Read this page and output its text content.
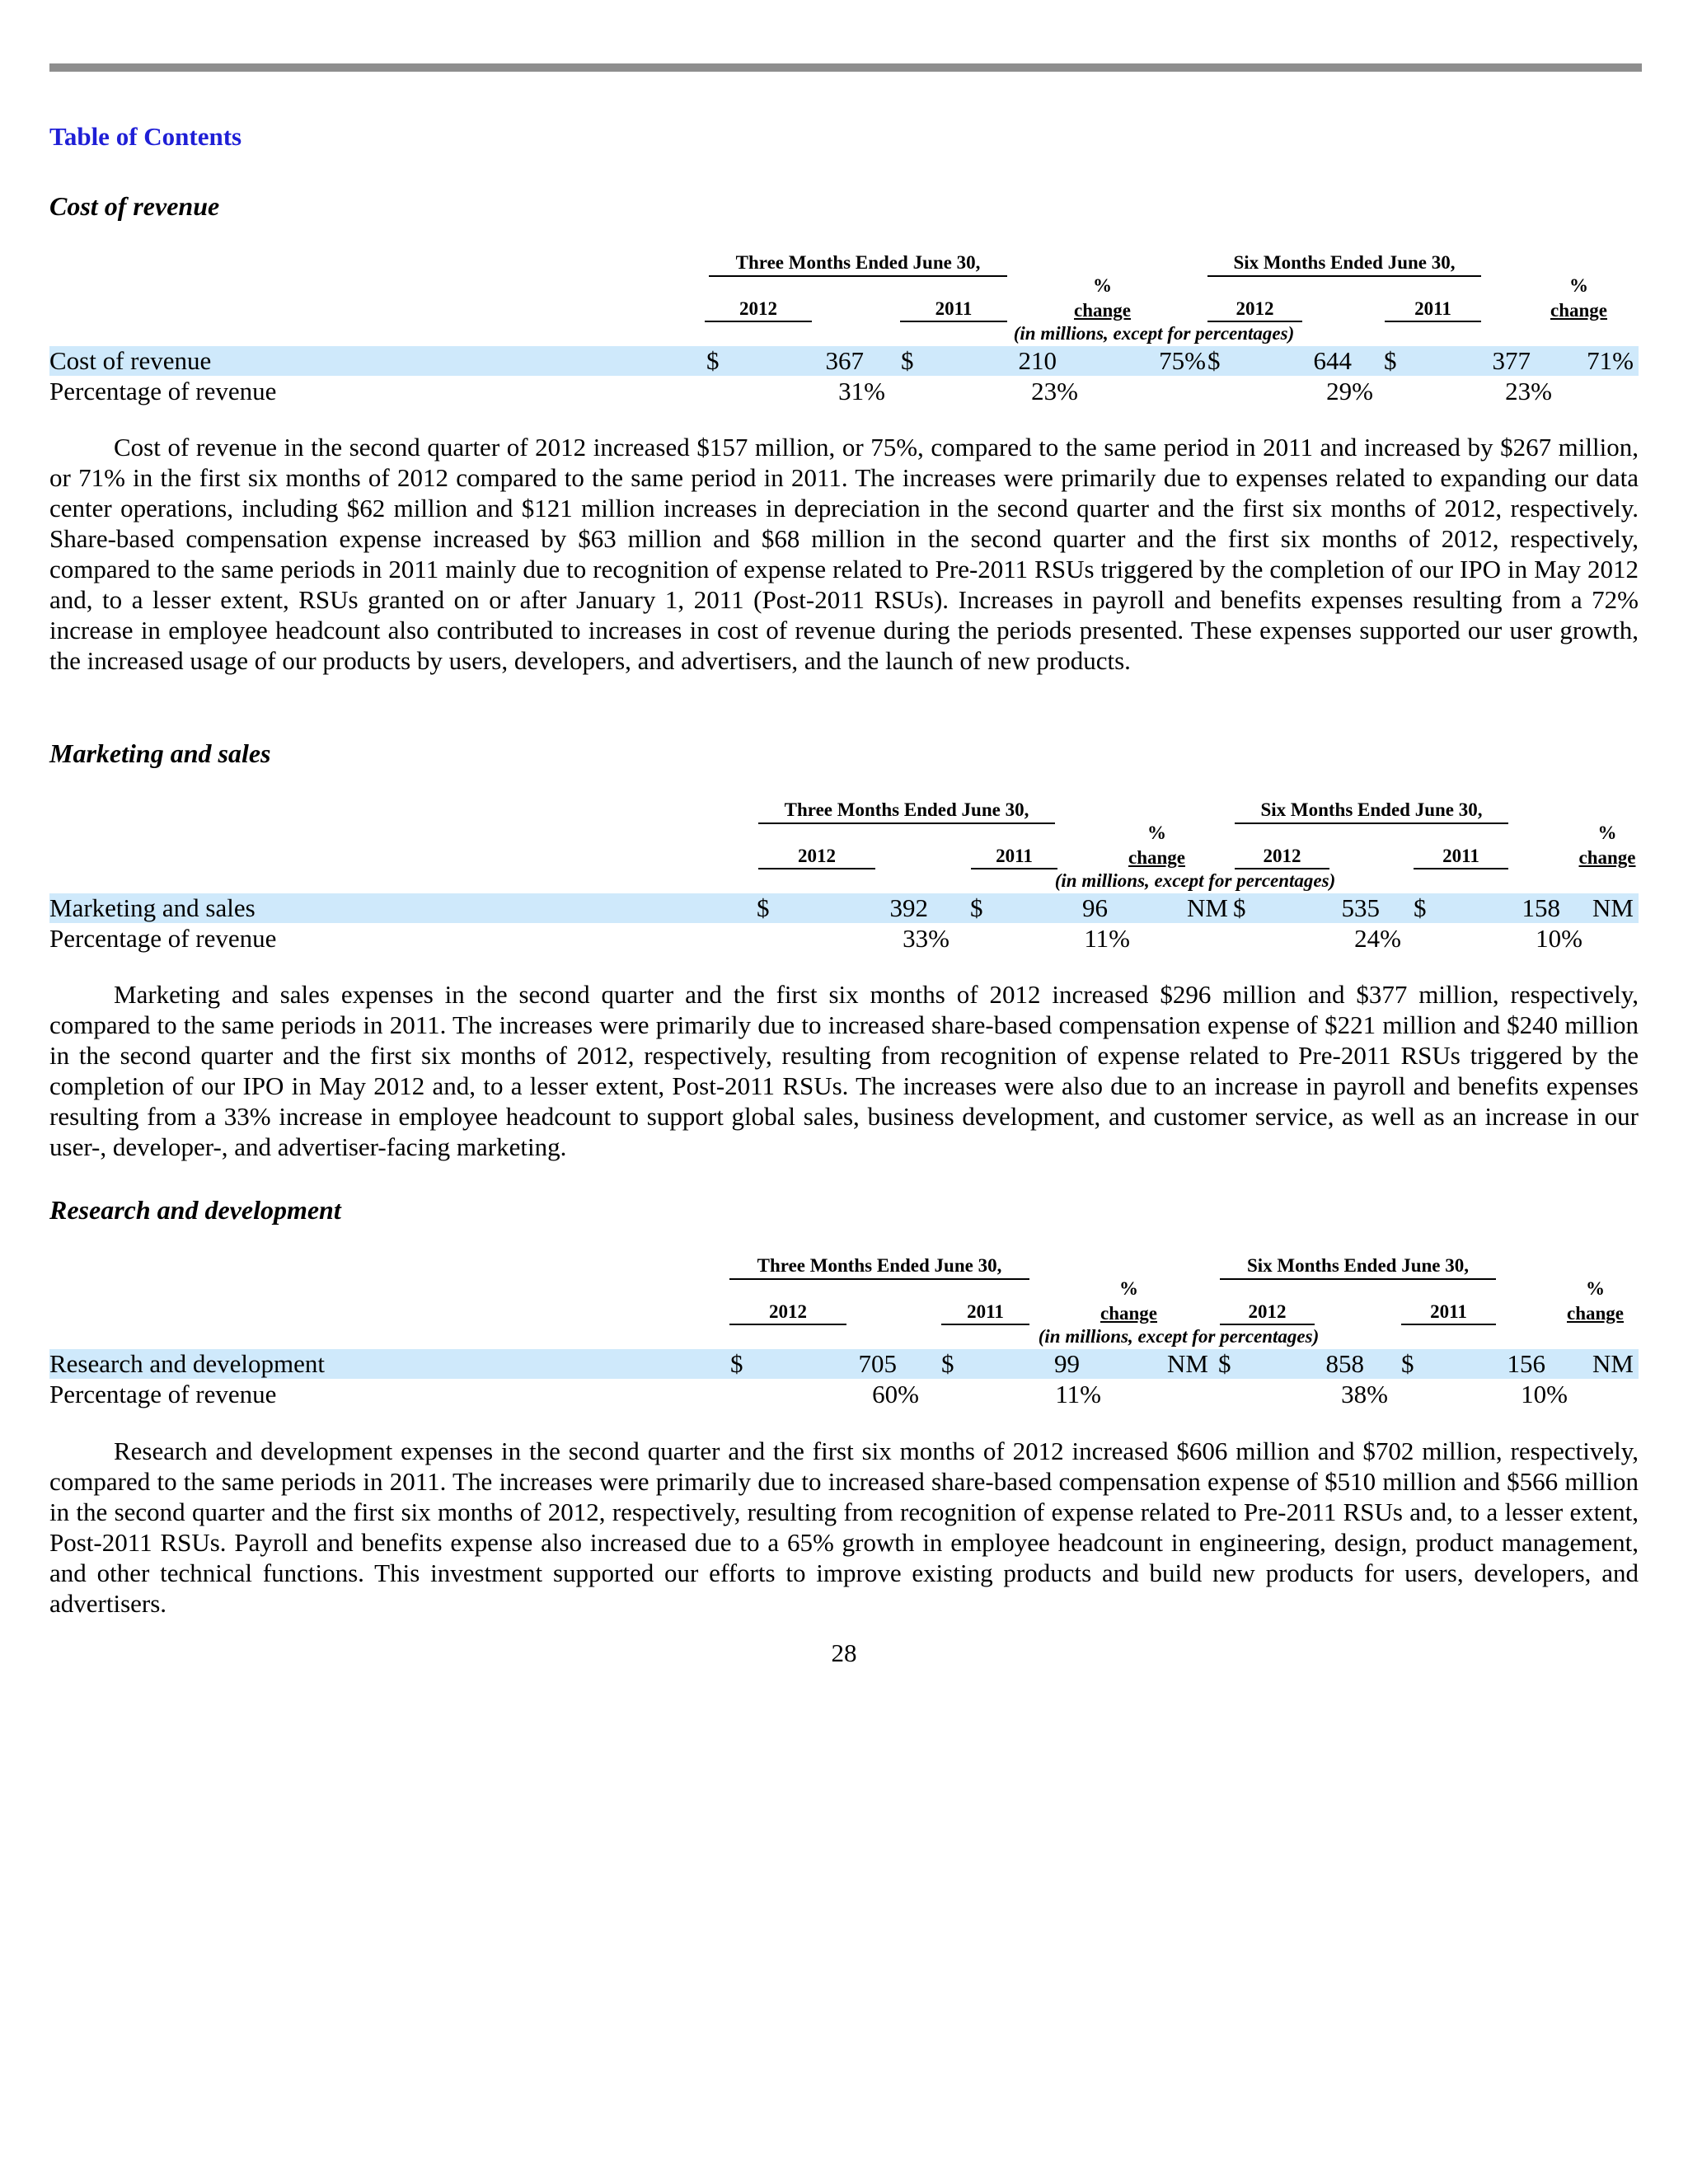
Table of Contents
Cost of revenue
Three Months Ended June 30,	Six Months Ended June 30,
2012	2011
%
change	2012	2011
%
change
(in millions, except for percentages)
Cost of revenue	$	367 $	210	75% $	644 $	377	71%
Percentage of revenue	31%	23%	29%	23%

Cost of revenue in the second quarter of 2012 increased $157 million, or 75%, compared to the same period in 2011 and increased by $267 million, or 71% in the first six months of 2012 compared to the same period in 2011. The increases were primarily due to expenses related to expanding our data center operations, including $62 million and $121 million increases in depreciation in the second quarter and the first six months of 2012, respectively. Share-based compensation expense increased by $63 million and $68 million in the second quarter and the first six months of 2012, respectively, compared to the same periods in 2011 mainly due to recognition of expense related to Pre-2011 RSUs triggered by the completion of our IPO in May 2012 and, to a lesser extent, RSUs granted on or after January 1, 2011 (Post-2011 RSUs). Increases in payroll and benefits expenses resulting from a 72% increase in employee headcount also contributed to increases in cost of revenue during the periods presented. These expenses supported our user growth, the increased usage of our products by users, developers, and advertisers, and the launch of new products.

Marketing and sales
Three Months Ended June 30,	Six Months Ended June 30,
2012	2011
%
change	2012	2011
%
change
(in millions, except for percentages)
Marketing and sales	$	392 $	96	NM $	535 $	158	NM
Percentage of revenue	33%	11%	24%	10%

Marketing and sales expenses in the second quarter and the first six months of 2012 increased $296 million and $377 million, respectively, compared to the same periods in 2011. The increases were primarily due to increased share-based compensation expense of $221 million and $240 million in the second quarter and the first six months of 2012, respectively, resulting from recognition of expense related to Pre-2011 RSUs triggered by the completion of our IPO in May 2012 and, to a lesser extent, Post-2011 RSUs. The increases were also due to an increase in payroll and benefits expenses resulting from a 33% increase in employee headcount to support global sales, business development, and customer service, as well as an increase in our user-, developer-, and advertiser-facing marketing.

Research and development
Three Months Ended June 30,	Six Months Ended June 30,
2012	2011
%
change	2012	2011
%
change
(in millions, except for percentages)
Research and development	$	705 $	99	NM $	858 $	156	NM
Percentage of revenue	60%	11%	38%	10%

Research and development expenses in the second quarter and the first six months of 2012 increased $606 million and $702 million, respectively, compared to the same periods in 2011. The increases were primarily due to increased share-based compensation expense of $510 million and $566 million in the second quarter and the first six months of 2012, respectively, resulting from recognition of expense related to Pre-2011 RSUs and, to a lesser extent, Post-2011 RSUs. Payroll and benefits expense also increased due to a 65% growth in employee headcount in engineering, design, product management, and other technical functions. This investment supported our efforts to improve existing products and build new products for users, developers, and advertisers.

28
